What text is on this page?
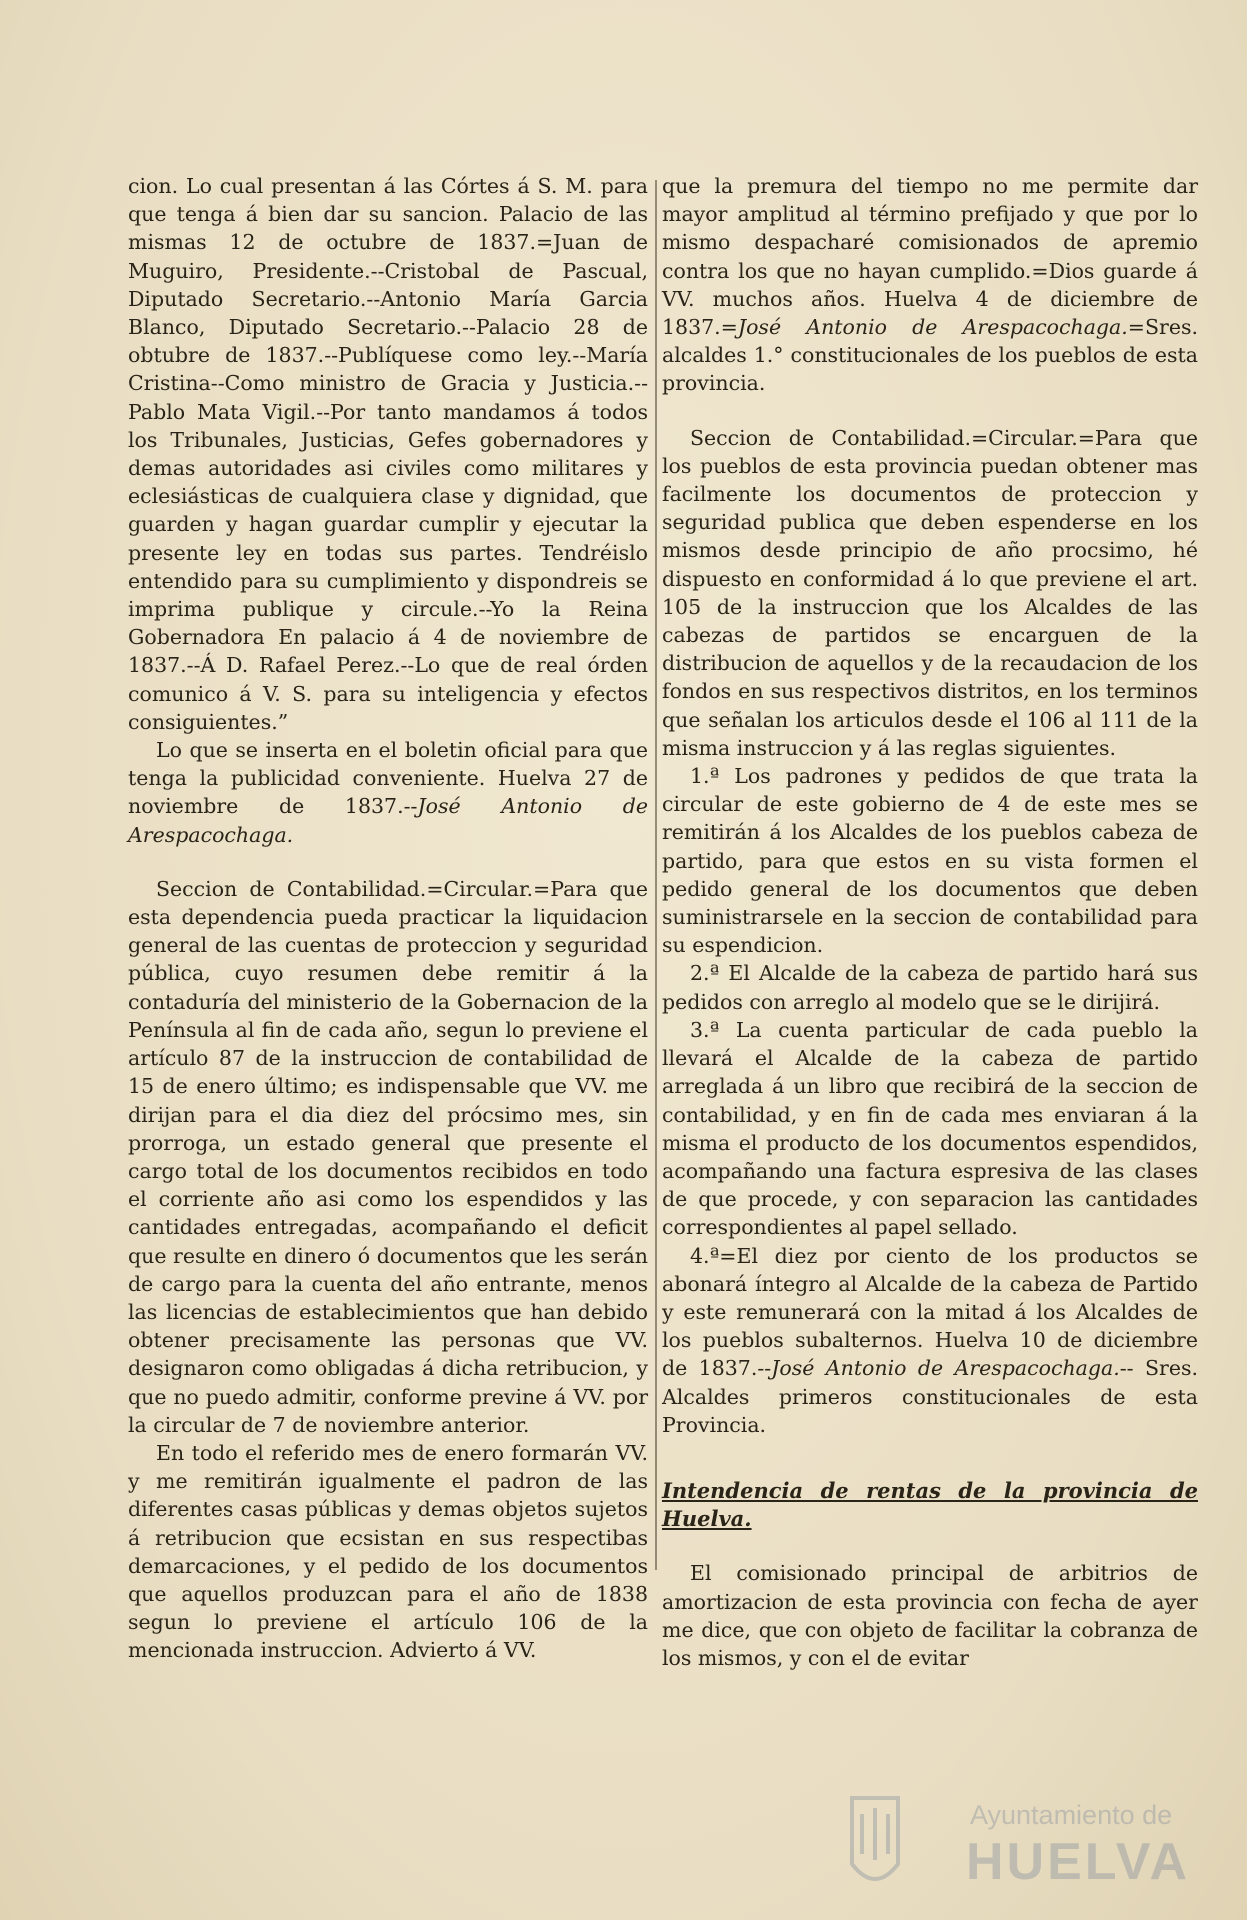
cion. Lo cual presentan á las Córtes á S. M. para que tenga á bien dar su sancion. Palacio de las mismas 12 de octubre de 1837.=Juan de Muguiro, Presidente.--Cristobal de Pascual, Diputado Secretario.--Antonio María Garcia Blanco, Diputado Secretario.--Palacio 28 de obtubre de 1837.--Publíquese como ley.--María Cristina--Como ministro de Gracia y Justicia.--Pablo Mata Vigil.--Por tanto mandamos á todos los Tribunales, Justicias, Gefes gobernadores y demas autoridades asi civiles como militares y eclesiásticas de cualquiera clase y dignidad, que guarden y hagan guardar cumplir y ejecutar la presente ley en todas sus partes. Tendréislo entendido para su cumplimiento y dispondreis se imprima publique y circule.--Yo la Reina Gobernadora En palacio á 4 de noviembre de 1837.--Á D. Rafael Perez.--Lo que de real órden comunico á V. S. para su inteligencia y efectos consiguientes.”

Lo que se inserta en el boletin oficial para que tenga la publicidad conveniente. Huelva 27 de noviembre de 1837.--José Antonio de Arespacochaga.

Seccion de Contabilidad.=Circular.=Para que esta dependencia pueda practicar la liquidacion general de las cuentas de proteccion y seguridad pública, cuyo resumen debe remitir á la contaduría del ministerio de la Gobernacion de la Península al fin de cada año, segun lo previene el artículo 87 de la instruccion de contabilidad de 15 de enero último; es indispensable que VV. me dirijan para el dia diez del prócsimo mes, sin prorroga, un estado general que presente el cargo total de los documentos recibidos en todo el corriente año asi como los espendidos y las cantidades entregadas, acompañando el deficit que resulte en dinero ó documentos que les serán de cargo para la cuenta del año entrante, menos las licencias de establecimientos que han debido obtener precisamente las personas que VV. designaron como obligadas á dicha retribucion, y que no puedo admitir, conforme previne á VV. por la circular de 7 de noviembre anterior.

En todo el referido mes de enero formarán VV. y me remitirán igualmente el padron de las diferentes casas públicas y demas objetos sujetos á retribucion que ecsistan en sus respectibas demarcaciones, y el pedido de los documentos que aquellos produzcan para el año de 1838 segun lo previene el artículo 106 de la mencionada instruccion. Advierto á VV.

que la premura del tiempo no me permite dar mayor amplitud al término prefijado y que por lo mismo despacharé comisionados de apremio contra los que no hayan cumplido.=Dios guarde á VV. muchos años. Huelva 4 de diciembre de 1837.=José Antonio de Arespacochaga.=Sres. alcaldes 1.° constitucionales de los pueblos de esta provincia.

Seccion de Contabilidad.=Circular.=Para que los pueblos de esta provincia puedan obtener mas facilmente los documentos de proteccion y seguridad publica que deben espenderse en los mismos desde principio de año procsimo, hé dispuesto en conformidad á lo que previene el art. 105 de la instruccion que los Alcaldes de las cabezas de partidos se encarguen de la distribucion de aquellos y de la recaudacion de los fondos en sus respectivos distritos, en los terminos que señalan los articulos desde el 106 al 111 de la misma instruccion y á las reglas siguientes.

1.ª Los padrones y pedidos de que trata la circular de este gobierno de 4 de este mes se remitirán á los Alcaldes de los pueblos cabeza de partido, para que estos en su vista formen el pedido general de los documentos que deben suministrarsele en la seccion de contabilidad para su espendicion.

2.ª El Alcalde de la cabeza de partido hará sus pedidos con arreglo al modelo que se le dirijirá.

3.ª La cuenta particular de cada pueblo la llevará el Alcalde de la cabeza de partido arreglada á un libro que recibirá de la seccion de contabilidad, y en fin de cada mes enviaran á la misma el producto de los documentos espendidos, acompañando una factura espresiva de las clases de que procede, y con separacion las cantidades correspondientes al papel sellado.

4.ª=El diez por ciento de los productos se abonará íntegro al Alcalde de la cabeza de Partido y este remunerará con la mitad á los Alcaldes de los pueblos subalternos. Huelva 10 de diciembre de 1837.--José Antonio de Arespacochaga.-- Sres. Alcaldes primeros constitucionales de esta Provincia.

Intendencia de rentas de la provincia de Huelva.

El comisionado principal de arbitrios de amortizacion de esta provincia con fecha de ayer me dice, que con objeto de facilitar la cobranza de los mismos, y con el de evitar

Ayuntamiento de
HUELVA
